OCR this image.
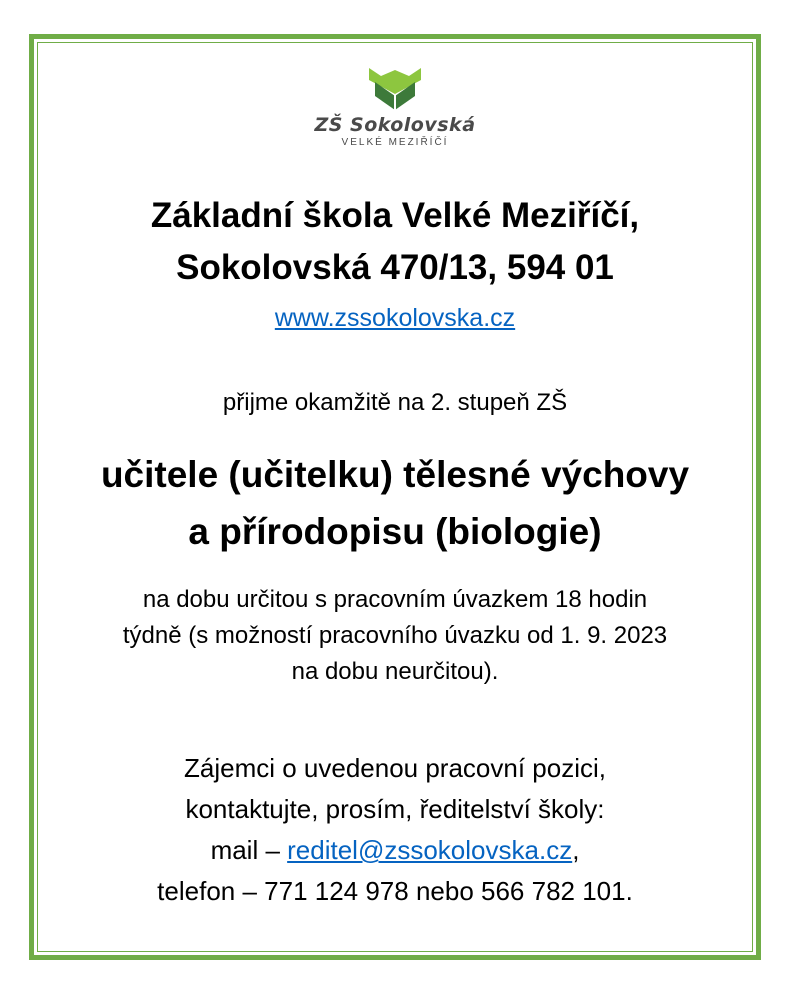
ZŠ Sokolovská
VELKÉ MEZIŘÍČÍ
Základní škola Velké Meziříčí,
Sokolovská 470/13, 594 01
www.zssokolovska.cz
přijme okamžitě na 2. stupeň ZŠ
učitele (učitelku) tělesné výchovy
a přírodopisu (biologie)
na dobu určitou s pracovním úvazkem 18 hodin
týdně (s možností pracovního úvazku od 1. 9. 2023
na dobu neurčitou).
Zájemci o uvedenou pracovní pozici,
kontaktujte, prosím, ředitelství školy:
mail – reditel@zssokolovska.cz,
telefon – 771 124 978 nebo 566 782 101.
